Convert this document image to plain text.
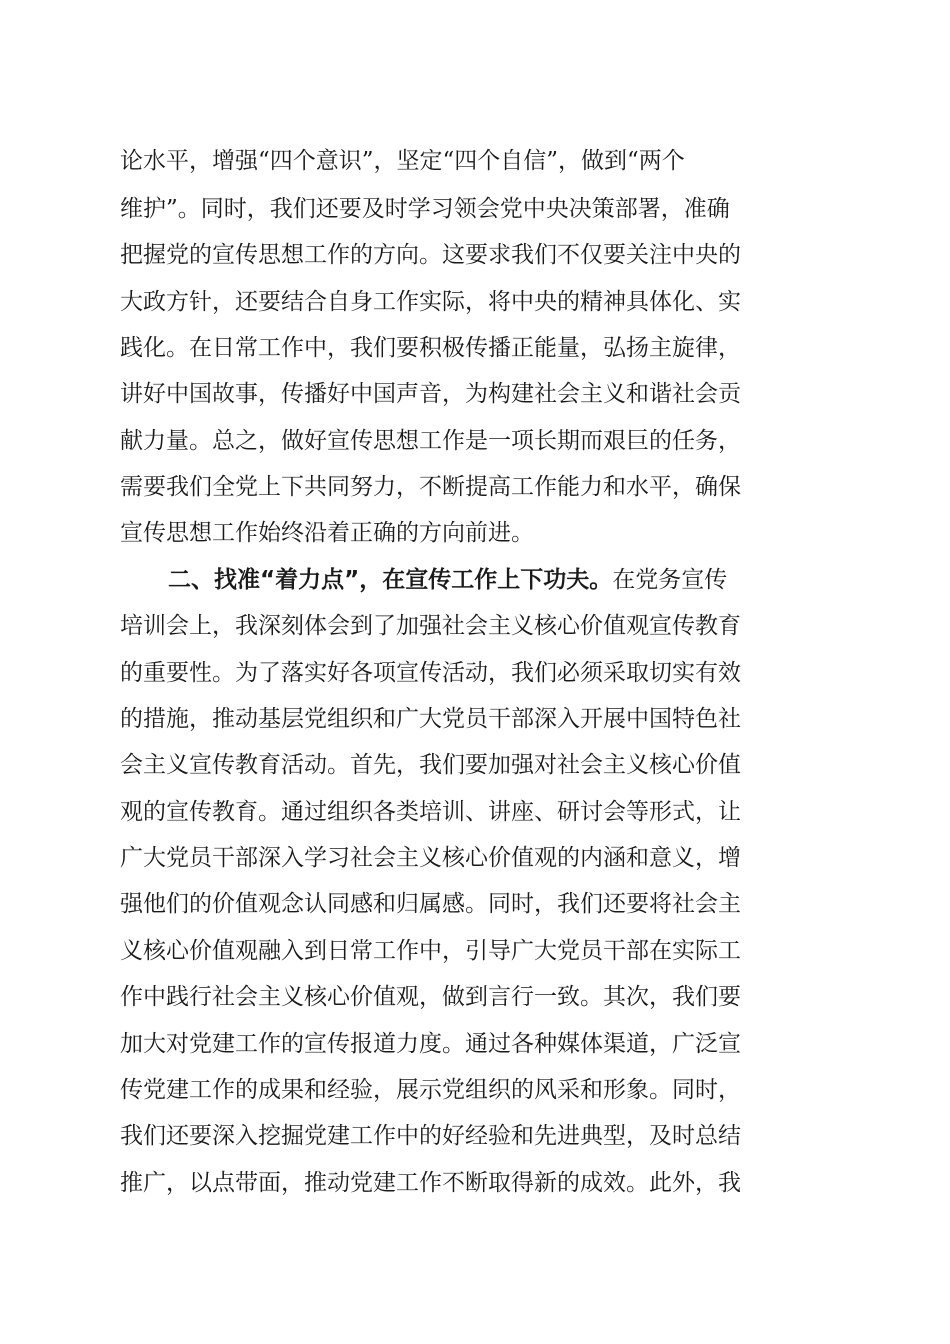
论水平，增强“四个意识”，坚定“四个自信”，做到“两个
维护”。同时，我们还要及时学习领会党中央决策部署，准确
把握党的宣传思想工作的方向。这要求我们不仅要关注中央的
大政方针，还要结合自身工作实际，将中央的精神具体化、实
践化。在日常工作中，我们要积极传播正能量，弘扬主旋律，
讲好中国故事，传播好中国声音，为构建社会主义和谐社会贡
献力量。总之，做好宣传思想工作是一项长期而艰巨的任务，
需要我们全党上下共同努力，不断提高工作能力和水平，确保
宣传思想工作始终沿着正确的方向前进。
二、找准“着力点”，在宣传工作上下功夫。在党务宣传
培训会上，我深刻体会到了加强社会主义核心价值观宣传教育
的重要性。为了落实好各项宣传活动，我们必须采取切实有效
的措施，推动基层党组织和广大党员干部深入开展中国特色社
会主义宣传教育活动。首先，我们要加强对社会主义核心价值
观的宣传教育。通过组织各类培训、讲座、研讨会等形式，让
广大党员干部深入学习社会主义核心价值观的内涵和意义，增
强他们的价值观念认同感和归属感。同时，我们还要将社会主
义核心价值观融入到日常工作中，引导广大党员干部在实际工
作中践行社会主义核心价值观，做到言行一致。其次，我们要
加大对党建工作的宣传报道力度。通过各种媒体渠道，广泛宣
传党建工作的成果和经验，展示党组织的风采和形象。同时，
我们还要深入挖掘党建工作中的好经验和先进典型，及时总结
推广，以点带面，推动党建工作不断取得新的成效。此外，我
